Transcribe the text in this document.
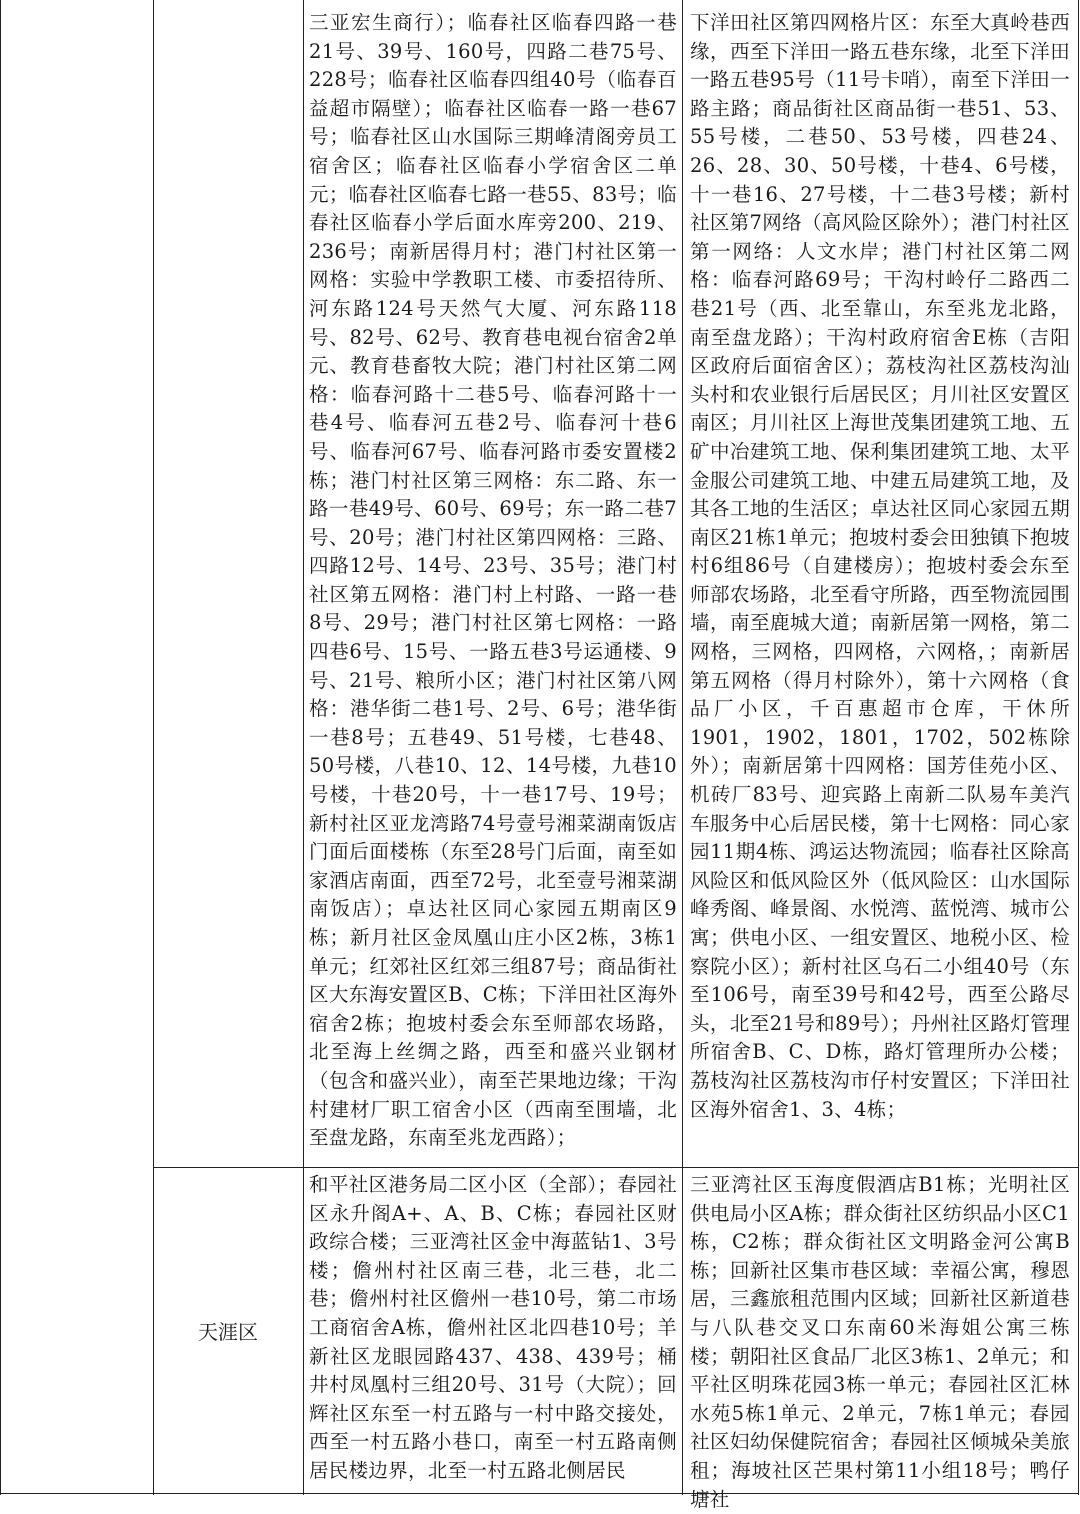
三亚宏生商行）；临春社区临春四路一巷21号、39号、160号，四路二巷75号、228号；临春社区临春四组40号（临春百益超市隔壁）；临春社区临春一路一巷67号；临春社区山水国际三期峰清阁旁员工宿舍区；临春社区临春小学宿舍区二单元；临春社区临春七路一巷55、83号；临春社区临春小学后面水库旁200、219、236号；南新居得月村；港门村社区第一网格：实验中学教职工楼、市委招待所、河东路124号天然气大厦、河东路118号、82号、62号、教育巷电视台宿舍2单元、教育巷畜牧大院；港门村社区第二网格：临春河路十二巷5号、临春河路十一巷4号、临春河五巷2号、临春河十巷6号、临春河67号、临春河路市委安置楼2栋；港门村社区第三网格：东二路、东一路一巷49号、60号、69号；东一路二巷7号、20号；港门村社区第四网格：三路、四路12号、14号、23号、35号；港门村社区第五网格：港门村上村路、一路一巷8号、29号；港门村社区第七网格：一路四巷6号、15号、一路五巷3号运通楼、9号、21号、粮所小区；港门村社区第八网格：港华街二巷1号、2号、6号；港华街一巷8号；五巷49、51号楼，七巷48、50号楼，八巷10、12、14号楼，九巷10号楼，十巷20号，十一巷17号、19号；新村社区亚龙湾路74号壹号湘菜湖南饭店门面后面楼栋（东至28号门后面，南至如家酒店南面，西至72号，北至壹号湘菜湖南饭店）；卓达社区同心家园五期南区9栋；新月社区金凤凰山庄小区2栋，3栋1单元；红郊社区红郊三组87号；商品街社区大东海安置区B、C栋；下洋田社区海外宿舍2栋；抱坡村委会东至师部农场路，北至海上丝绸之路，西至和盛兴业钢材（包含和盛兴业），南至芒果地边缘；干沟村建材厂职工宿舍小区（西南至围墙，北至盘龙路，东南至兆龙西路）；
下洋田社区第四网格片区：东至大真岭巷西缘，西至下洋田一路五巷东缘，北至下洋田一路五巷95号（11号卡哨），南至下洋田一路主路；商品街社区商品街一巷51、53、55号楼，二巷50、53号楼，四巷24、26、28、30、50号楼，十巷4、6号楼，十一巷16、27号楼，十二巷3号楼；新村社区第7网络（高风险区除外）；港门村社区第一网络：人文水岸；港门村社区第二网格：临春河路69号；干沟村岭仔二路西二巷21号（西、北至靠山，东至兆龙北路，南至盘龙路）；干沟村政府宿舍E栋（吉阳区政府后面宿舍区）；荔枝沟社区荔枝沟汕头村和农业银行后居民区；月川社区安置区南区；月川社区上海世茂集团建筑工地、五矿中冶建筑工地、保利集团建筑工地、太平金服公司建筑工地、中建五局建筑工地，及其各工地的生活区；卓达社区同心家园五期南区21栋1单元；抱坡村委会田独镇下抱坡村6组86号（自建楼房）；抱坡村委会东至师部农场路，北至看守所路，西至物流园围墙，南至鹿城大道；南新居第一网格，第二网格，三网格，四网格，六网格，；南新居第五网格（得月村除外），第十六网格（食品厂小区，千百惠超市仓库，干休所1901，1902，1801，1702，502栋除外）；南新居第十四网格：国芳佳苑小区、机砖厂83号、迎宾路上南新二队易车美汽车服务中心后居民楼，第十七网格：同心家园11期4栋、鸿运达物流园；临春社区除高风险区和低风险区外（低风险区：山水国际峰秀阁、峰景阁、水悦湾、蓝悦湾、城市公寓；供电小区、一组安置区、地税小区、检察院小区）；新村社区乌石二小组40号（东至106号，南至39号和42号，西至公路尽头，北至21号和89号）；丹州社区路灯管理所宿舍B、C、D栋，路灯管理所办公楼；荔枝沟社区荔枝沟市仔村安置区；下洋田社区海外宿舍1、3、4栋；
天涯区
和平社区港务局二区小区（全部）；春园社区永升阁A+、A、B、C栋；春园社区财政综合楼；三亚湾社区金中海蓝钻1、3号楼；儋州村社区南三巷，北三巷，北二巷；儋州村社区儋州一巷10号，第二市场工商宿舍A栋，儋州社区北四巷10号；羊新社区龙眼园路437、438、439号；桶井村凤凰村三组20号、31号（大院）；回辉社区东至一村五路与一村中路交接处，西至一村五路小巷口，南至一村五路南侧居民楼边界，北至一村五路北侧居民
三亚湾社区玉海度假酒店B1栋；光明社区供电局小区A栋；群众街社区纺织品小区C1栋，C2栋；群众街社区文明路金河公寓B栋；回新社区集市巷区域：幸福公寓，穆恩居，三鑫旅租范围内区域；回新社区新道巷与八队巷交叉口东南60米海姐公寓三栋楼；朝阳社区食品厂北区3栋1、2单元；和平社区明珠花园3栋一单元；春园社区汇林水苑5栋1单元、2单元，7栋1单元；春园社区妇幼保健院宿舍；春园社区倾城朵美旅租；海坡社区芒果村第11小组18号；鸭仔塘社
